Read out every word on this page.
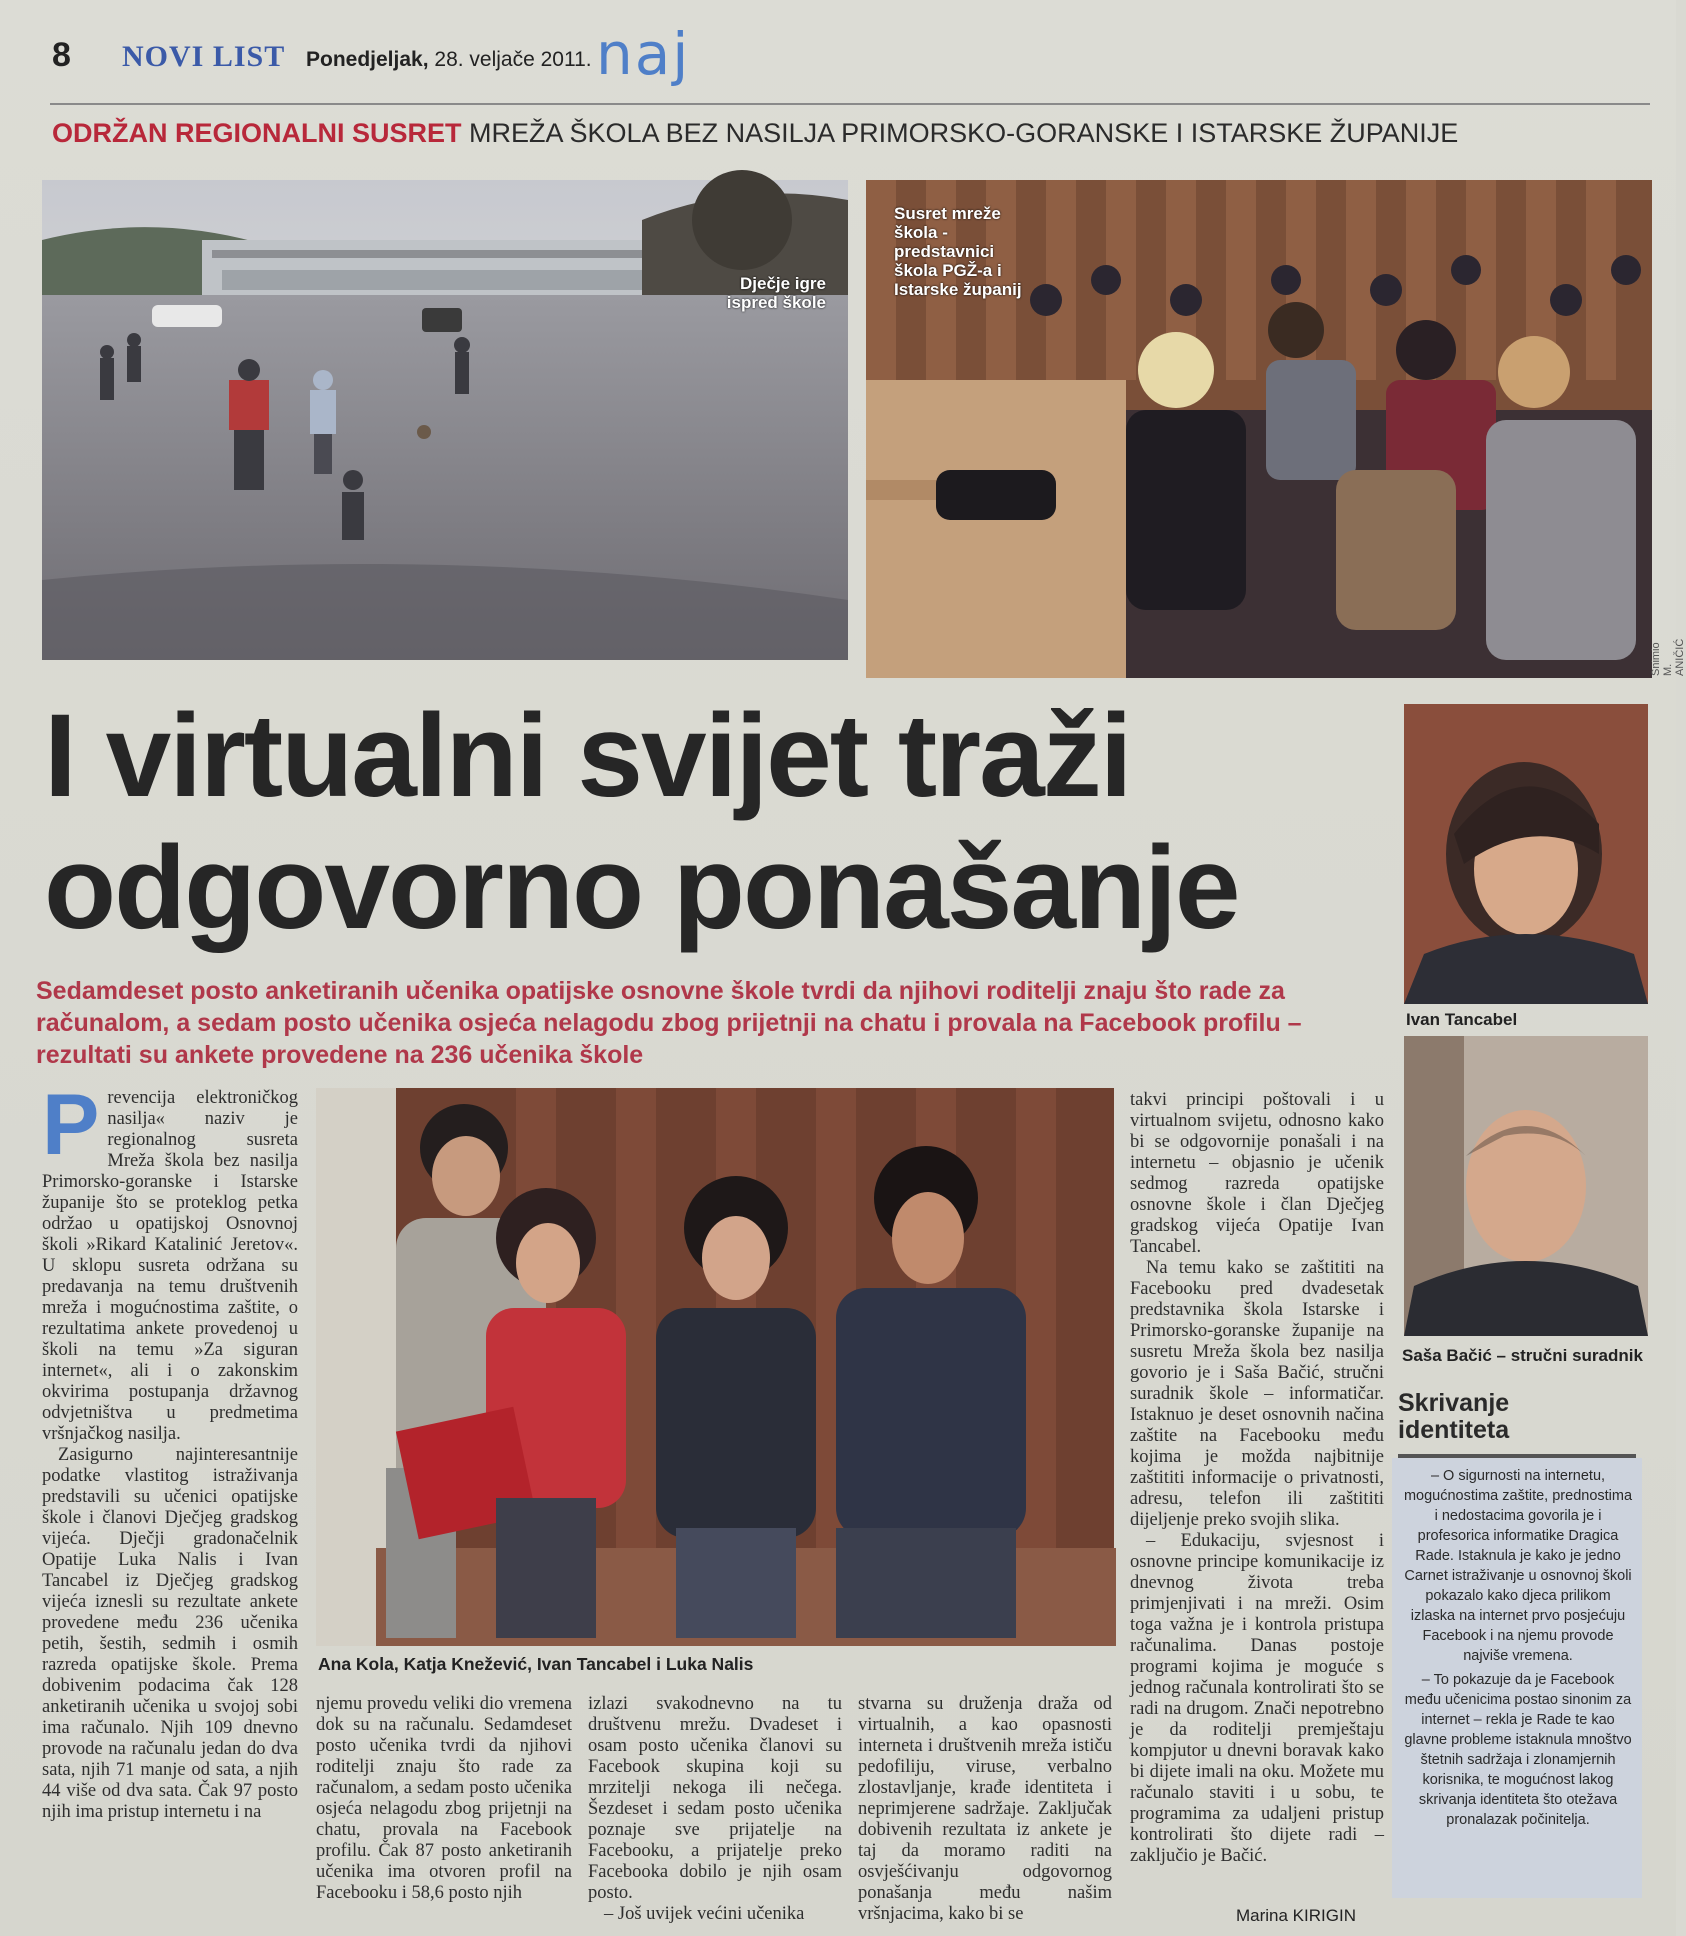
8 NOVI LIST Ponedjeljak, 28. veljače 2011. naj
ODRŽAN REGIONALNI SUSRET MREŽA ŠKOLA BEZ NASILJA PRIMORSKO-GORANSKE I ISTARSKE ŽUPANIJE
Dječje igre
ispred škole
Susret mreže
škola -
predstavnici
škola PGŽ-a i
Istarske županij
Snimio M. ANIČIĆ
I virtualni svijet traži
odgovorno ponašanje
Ivan Tancabel
Saša Bačić – stručni suradnik
Sedamdeset posto anketiranih učenika opatijske osnovne škole tvrdi da njihovi roditelji znaju što rade za računalom, a sedam posto učenika osjeća nelagodu zbog prijetnji na chatu i provala na Facebook profilu – rezultati su ankete provedene na 236 učenika škole
Ana Kola, Katja Knežević, Ivan Tancabel i Luka Nalis

Prevencija elektroničkog nasilja« naziv je regionalnog susreta Mreža škola bez nasilja Primorsko-goranske i Istarske županije što se proteklog petka održao u opatijskoj Osnovnoj školi »Rikard Katalinić Jeretov«. U sklopu susreta održana su predavanja na temu društvenih mreža i mogućnostima zaštite, o rezultatima ankete provedenoj u školi na temu »Za siguran internet«, ali i o zakonskim okvirima postupanja državnog odvjetništva u predmetima vršnjačkog nasilja.

Zasigurno najinteresantnije podatke vlastitog istraživanja predstavili su učenici opatijske škole i članovi Dječjeg gradskog vijeća. Dječji gradonačelnik Opatije Luka Nalis i Ivan Tancabel iz Dječjeg gradskog vijeća iznesli su rezultate ankete provedene među 236 učenika petih, šestih, sedmih i osmih razreda opatijske škole. Prema dobivenim podacima čak 128 anketiranih učenika u svojoj sobi ima računalo. Njih 109 dnevno provode na računalu jedan do dva sata, njih 71 manje od sata, a njih 44 više od dva sata. Čak 97 posto njih ima pristup internetu i na

njemu provedu veliki dio vremena dok su na računalu. Sedamdeset posto učenika tvrdi da njihovi roditelji znaju što rade za računalom, a sedam posto učenika osjeća nelagodu zbog prijetnji na chatu, provala na Facebook profilu. Čak 87 posto anketiranih učenika ima otvoren profil na Facebooku i 58,6 posto njih

izlazi svakodnevno na tu društvenu mrežu. Dvadeset i osam posto učenika članovi su Facebook skupina koji su mrzitelji nekoga ili nečega. Šezdeset i sedam posto učenika poznaje sve prijatelje na Facebooku, a prijatelje preko Facebooka dobilo je njih osam posto.

– Još uvijek većini učenika

stvarna su druženja draža od virtualnih, a kao opasnosti interneta i društvenih mreža ističu pedofiliju, viruse, verbalno zlostavljanje, krađe identiteta i neprimjerene sadržaje. Zaključak dobivenih rezultata iz ankete je taj da moramo raditi na osvješćivanju odgovornog ponašanja među našim vršnjacima, kako bi se

takvi principi poštovali i u virtualnom svijetu, odnosno kako bi se odgovornije ponašali i na internetu – objasnio je učenik sedmog razreda opatijske osnovne škole i član Dječjeg gradskog vijeća Opatije Ivan Tancabel.

Na temu kako se zaštititi na Facebooku pred dvadesetak predstavnika škola Istarske i Primorsko-goranske županije na susretu Mreža škola bez nasilja govorio je i Saša Bačić, stručni suradnik škole – informatičar. Istaknuo je deset osnovnih načina zaštite na Facebooku među kojima je možda najbitnije zaštititi informacije o privatnosti, adresu, telefon ili zaštititi dijeljenje preko svojih slika.

– Edukaciju, svjesnost i osnovne principe komunikacije iz dnevnog života treba primjenjivati i na mreži. Osim toga važna je i kontrola pristupa računalima. Danas postoje programi kojima je moguće s jednog računala kontrolirati što se radi na drugom. Znači nepotrebno je da roditelji premještaju kompjutor u dnevni boravak kako bi dijete imali na oku. Možete mu računalo staviti i u sobu, te programima za udaljeni pristup kontrolirati što dijete radi – zaključio je Bačić.

Marina KIRIGIN
Skrivanje
identiteta

– O sigurnosti na internetu, mogućnostima zaštite, prednostima i nedostacima govorila je i profesorica informatike Dragica Rade. Istaknula je kako je jedno Carnet istraživanje u osnovnoj školi pokazalo kako djeca prilikom izlaska na internet prvo posjećuju Facebook i na njemu provode najviše vremena.

– To pokazuje da je Facebook među učenicima postao sinonim za internet – rekla je Rade te kao glavne probleme istaknula mnoštvo štetnih sadržaja i zlonamjernih korisnika, te mogućnost lakog skrivanja identiteta što otežava pronalazak počinitelja.
